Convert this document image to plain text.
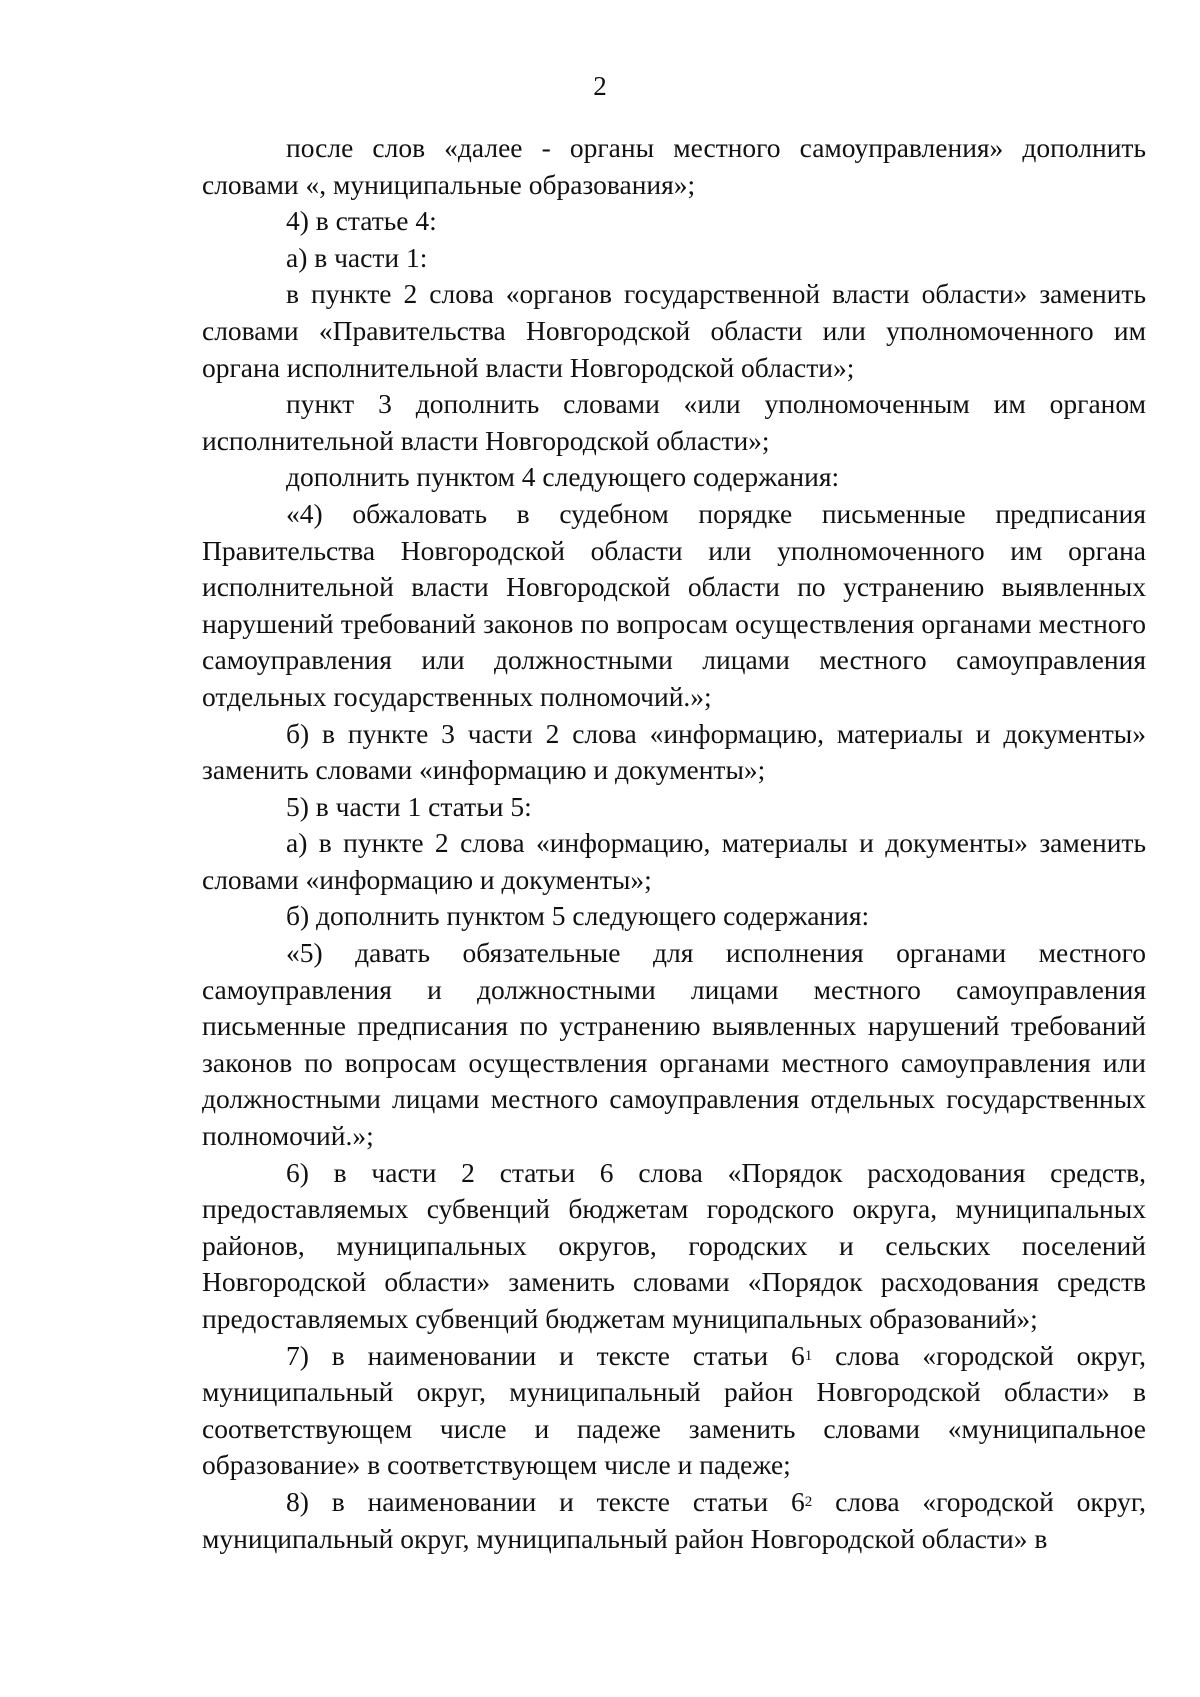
2

после слов «далее - органы местного самоуправления» дополнить словами «, муниципальные образования»;

4) в статье 4:

а) в части 1:

в пункте 2 слова «органов государственной власти области» заменить словами «Правительства Новгородской области или уполномоченного им органа исполнительной власти Новгородской области»;

пункт 3 дополнить словами «или уполномоченным им органом исполнительной власти Новгородской области»;

дополнить пунктом 4 следующего содержания:

«4) обжаловать в судебном порядке письменные предписания Правительства Новгородской области или уполномоченного им органа исполнительной власти Новгородской области по устранению выявленных нарушений требований законов по вопросам осуществления органами местного самоуправления или должностными лицами местного самоуправления отдельных государственных полномочий.»;

б) в пункте 3 части 2 слова «информацию, материалы и документы» заменить словами «информацию и документы»;

5) в части 1 статьи 5:

а) в пункте 2 слова «информацию, материалы и документы» заменить словами «информацию и документы»;

б) дополнить пунктом 5 следующего содержания:

«5) давать обязательные для исполнения органами местного самоуправления и должностными лицами местного самоуправления письменные предписания по устранению выявленных нарушений требований законов по вопросам осуществления органами местного самоуправления или должностными лицами местного самоуправления отдельных государственных полномочий.»;

6) в части 2 статьи 6 слова «Порядок расходования средств, предоставляемых субвенций бюджетам городского округа, муниципальных районов, муниципальных округов, городских и сельских поселений Новгородской области» заменить словами «Порядок расходования средств предоставляемых субвенций бюджетам муниципальных образований»;

7) в наименовании и тексте статьи $6^1$ слова «городской округ, муниципальный округ, муниципальный район Новгородской области» в соответствующем числе и падеже заменить словами «муниципальное образование» в соответствующем числе и падеже;

8) в наименовании и тексте статьи $6^2$ слова «городской округ, муниципальный округ, муниципальный район Новгородской области» в
